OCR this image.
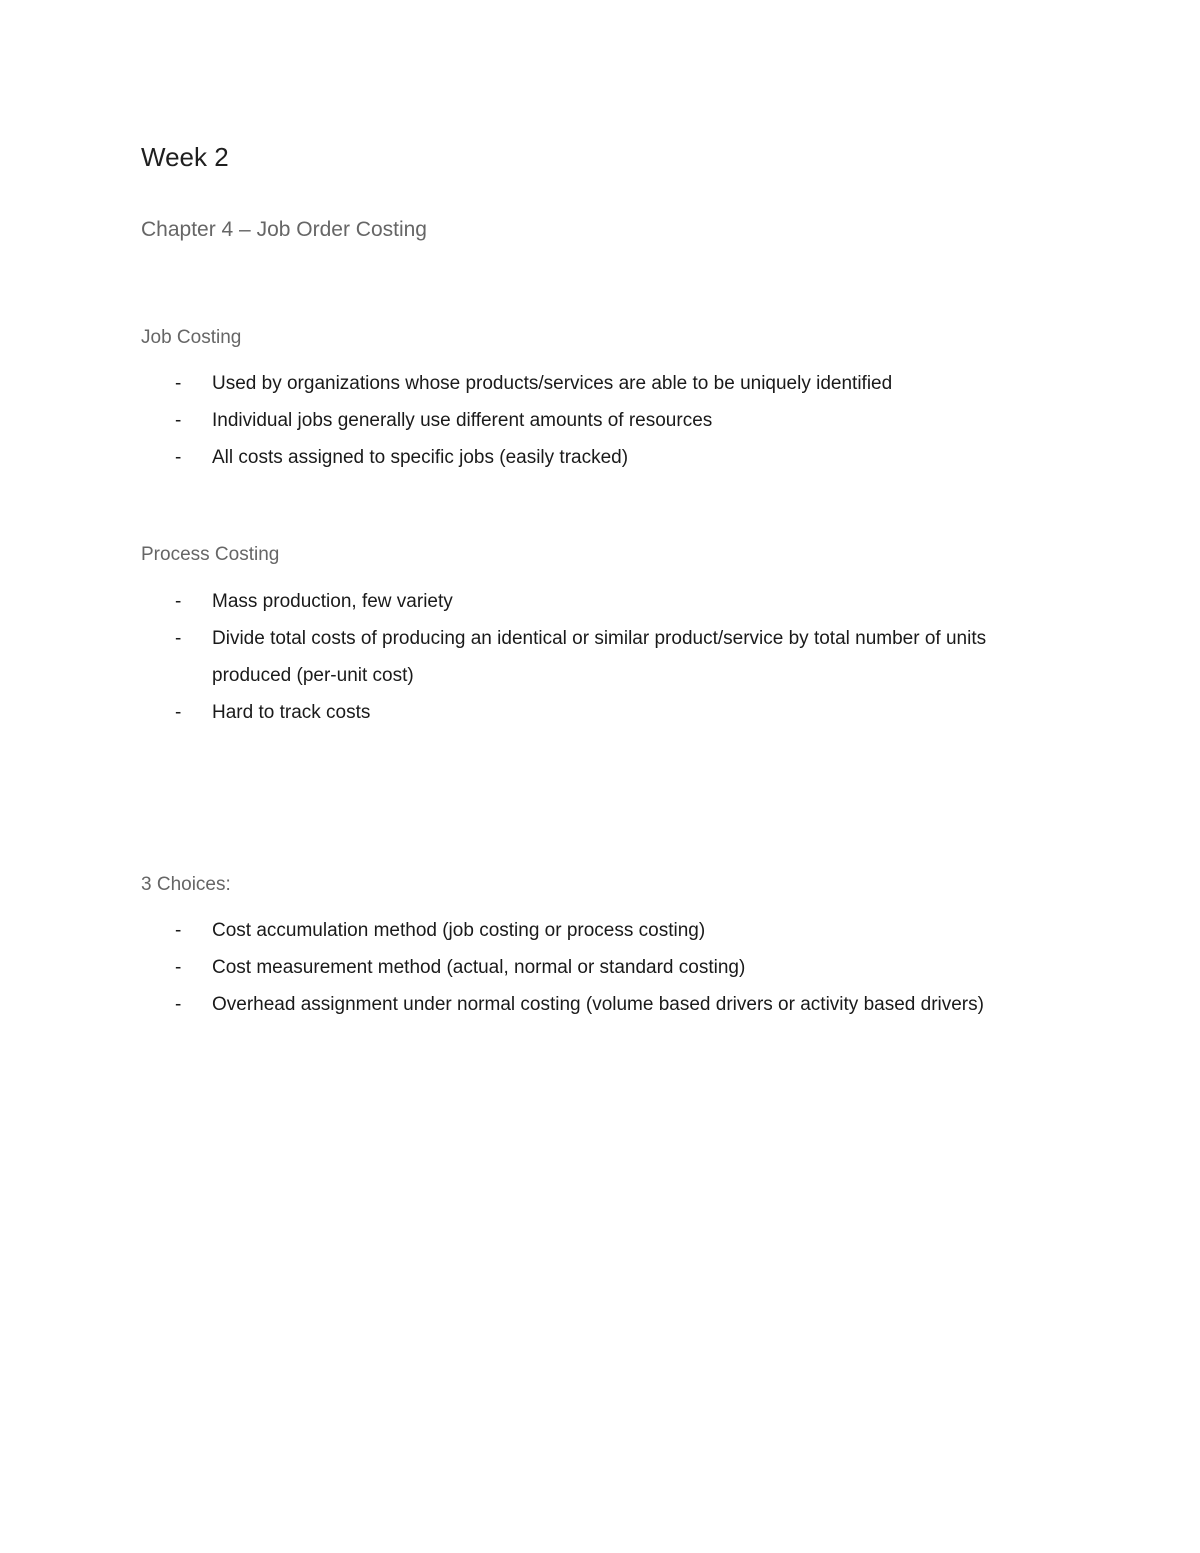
Week 2
Chapter 4 – Job Order Costing
Job Costing
- Used by organizations whose products/services are able to be uniquely identified
- Individual jobs generally use different amounts of resources
- All costs assigned to specific jobs (easily tracked)
Process Costing
- Mass production, few variety
- Divide total costs of producing an identical or similar product/service by total number of units produced (per-unit cost)
- Hard to track costs
3 Choices:
- Cost accumulation method (job costing or process costing)
- Cost measurement method (actual, normal or standard costing)
- Overhead assignment under normal costing (volume based drivers or activity based drivers)
